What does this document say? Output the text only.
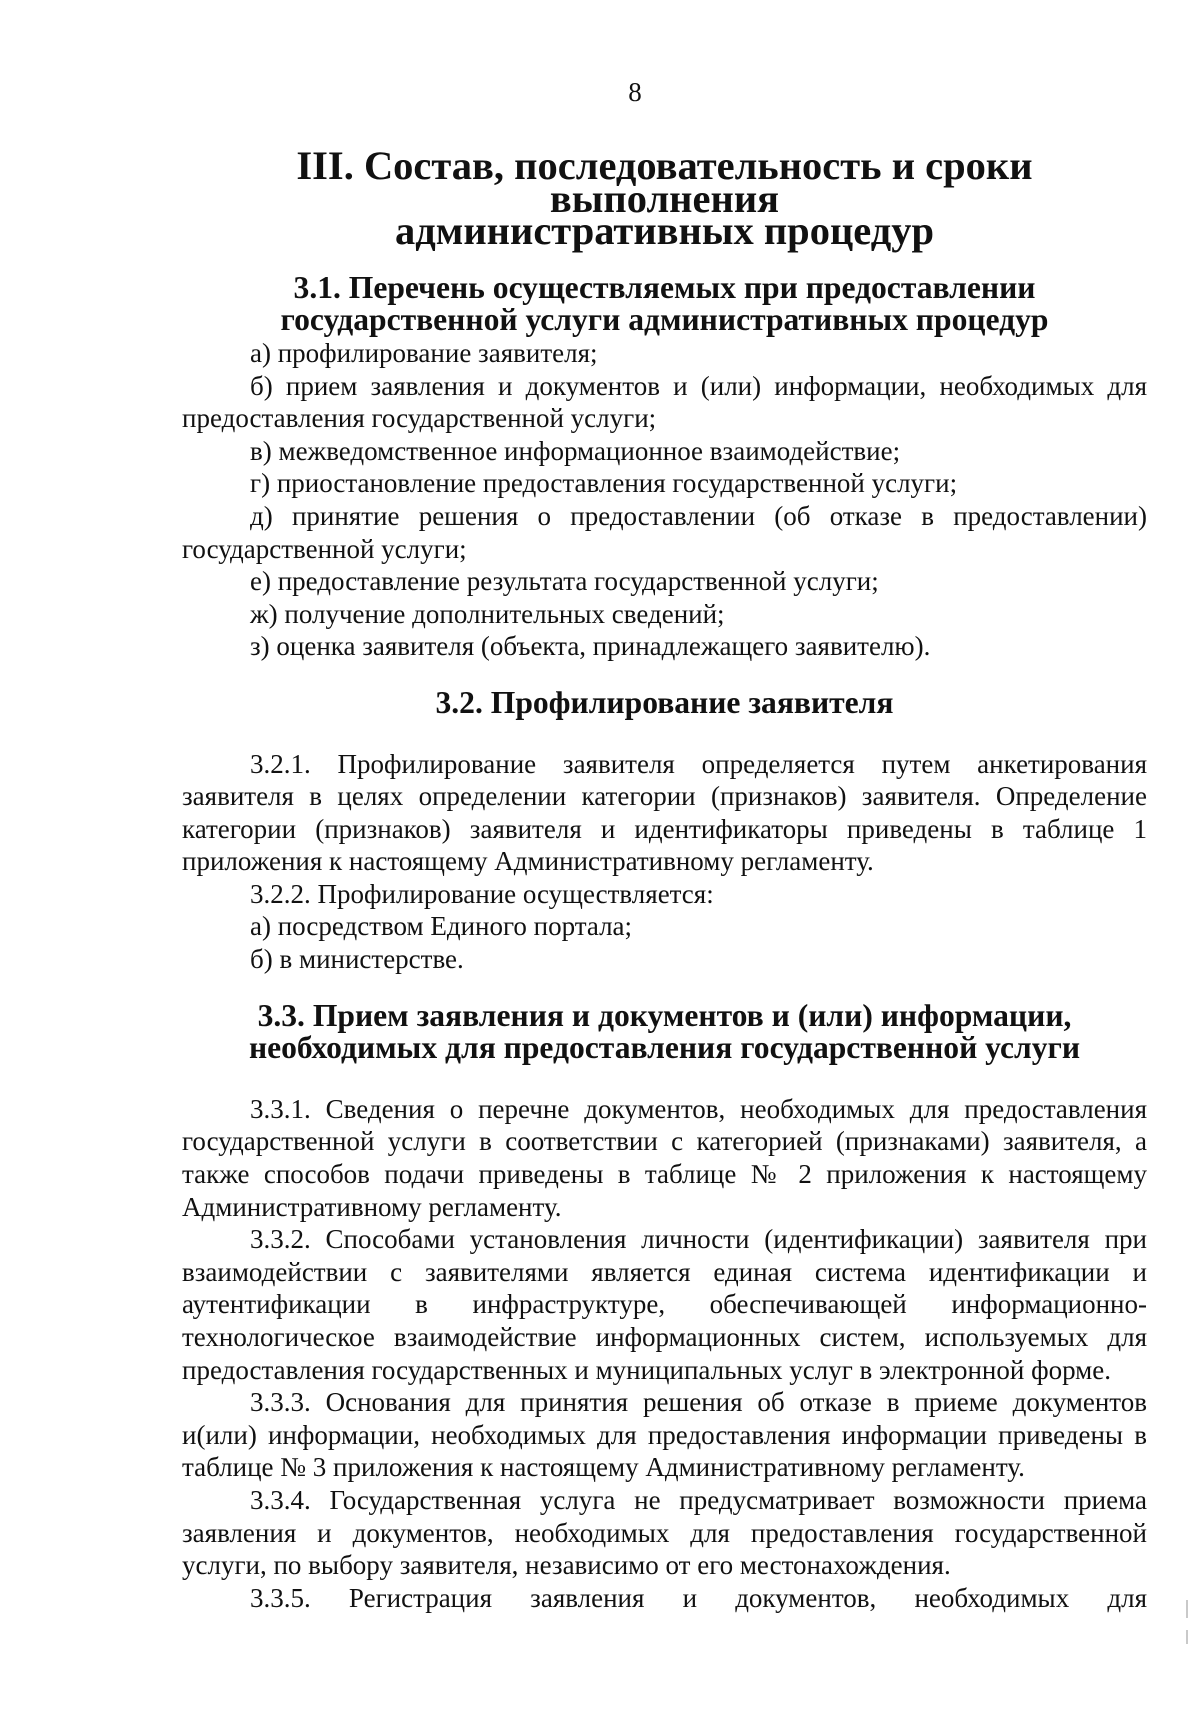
8
III. Состав, последовательность и сроки выполнения
административных процедур
3.1. Перечень осуществляемых при предоставлении
государственной услуги административных процедур

а) профилирование заявителя;

б) прием заявления и документов и (или) информации, необходимых для предоставления государственной услуги;

в) межведомственное информационное взаимодействие;

г) приостановление предоставления государственной услуги;

д) принятие решения о предоставлении (об отказе в предоставлении) государственной услуги;

е) предоставление результата государственной услуги;

ж) получение дополнительных сведений;

з) оценка заявителя (объекта, принадлежащего заявителю).

3.2. Профилирование заявителя

3.2.1. Профилирование заявителя определяется путем анкетирования заявителя в целях определении категории (признаков) заявителя. Определение категории (признаков) заявителя и идентификаторы приведены в таблице 1 приложения к настоящему Административному регламенту.

3.2.2. Профилирование осуществляется:

а) посредством Единого портала;

б) в министерстве.

3.3. Прием заявления и документов и (или) информации,
необходимых для предоставления государственной услуги

3.3.1. Сведения о перечне документов, необходимых для предоставления государственной услуги в соответствии с категорией (признаками) заявителя, а также способов подачи приведены в таблице № 2 приложения к настоящему Административному регламенту.

3.3.2. Способами установления личности (идентификации) заявителя при взаимодействии с заявителями является единая система идентификации и аутентификации в инфраструктуре, обеспечивающей информационно-технологическое взаимодействие информационных систем, используемых для предоставления государственных и муниципальных услуг в электронной форме.

3.3.3. Основания для принятия решения об отказе в приеме документов и(или) информации, необходимых для предоставления информации приведены в таблице № 3 приложения к настоящему Административному регламенту.

3.3.4. Государственная услуга не предусматривает возможности приема заявления и документов, необходимых для предоставления государственной услуги, по выбору заявителя, независимо от его местонахождения.

3.3.5. Регистрация заявления и документов, необходимых для
